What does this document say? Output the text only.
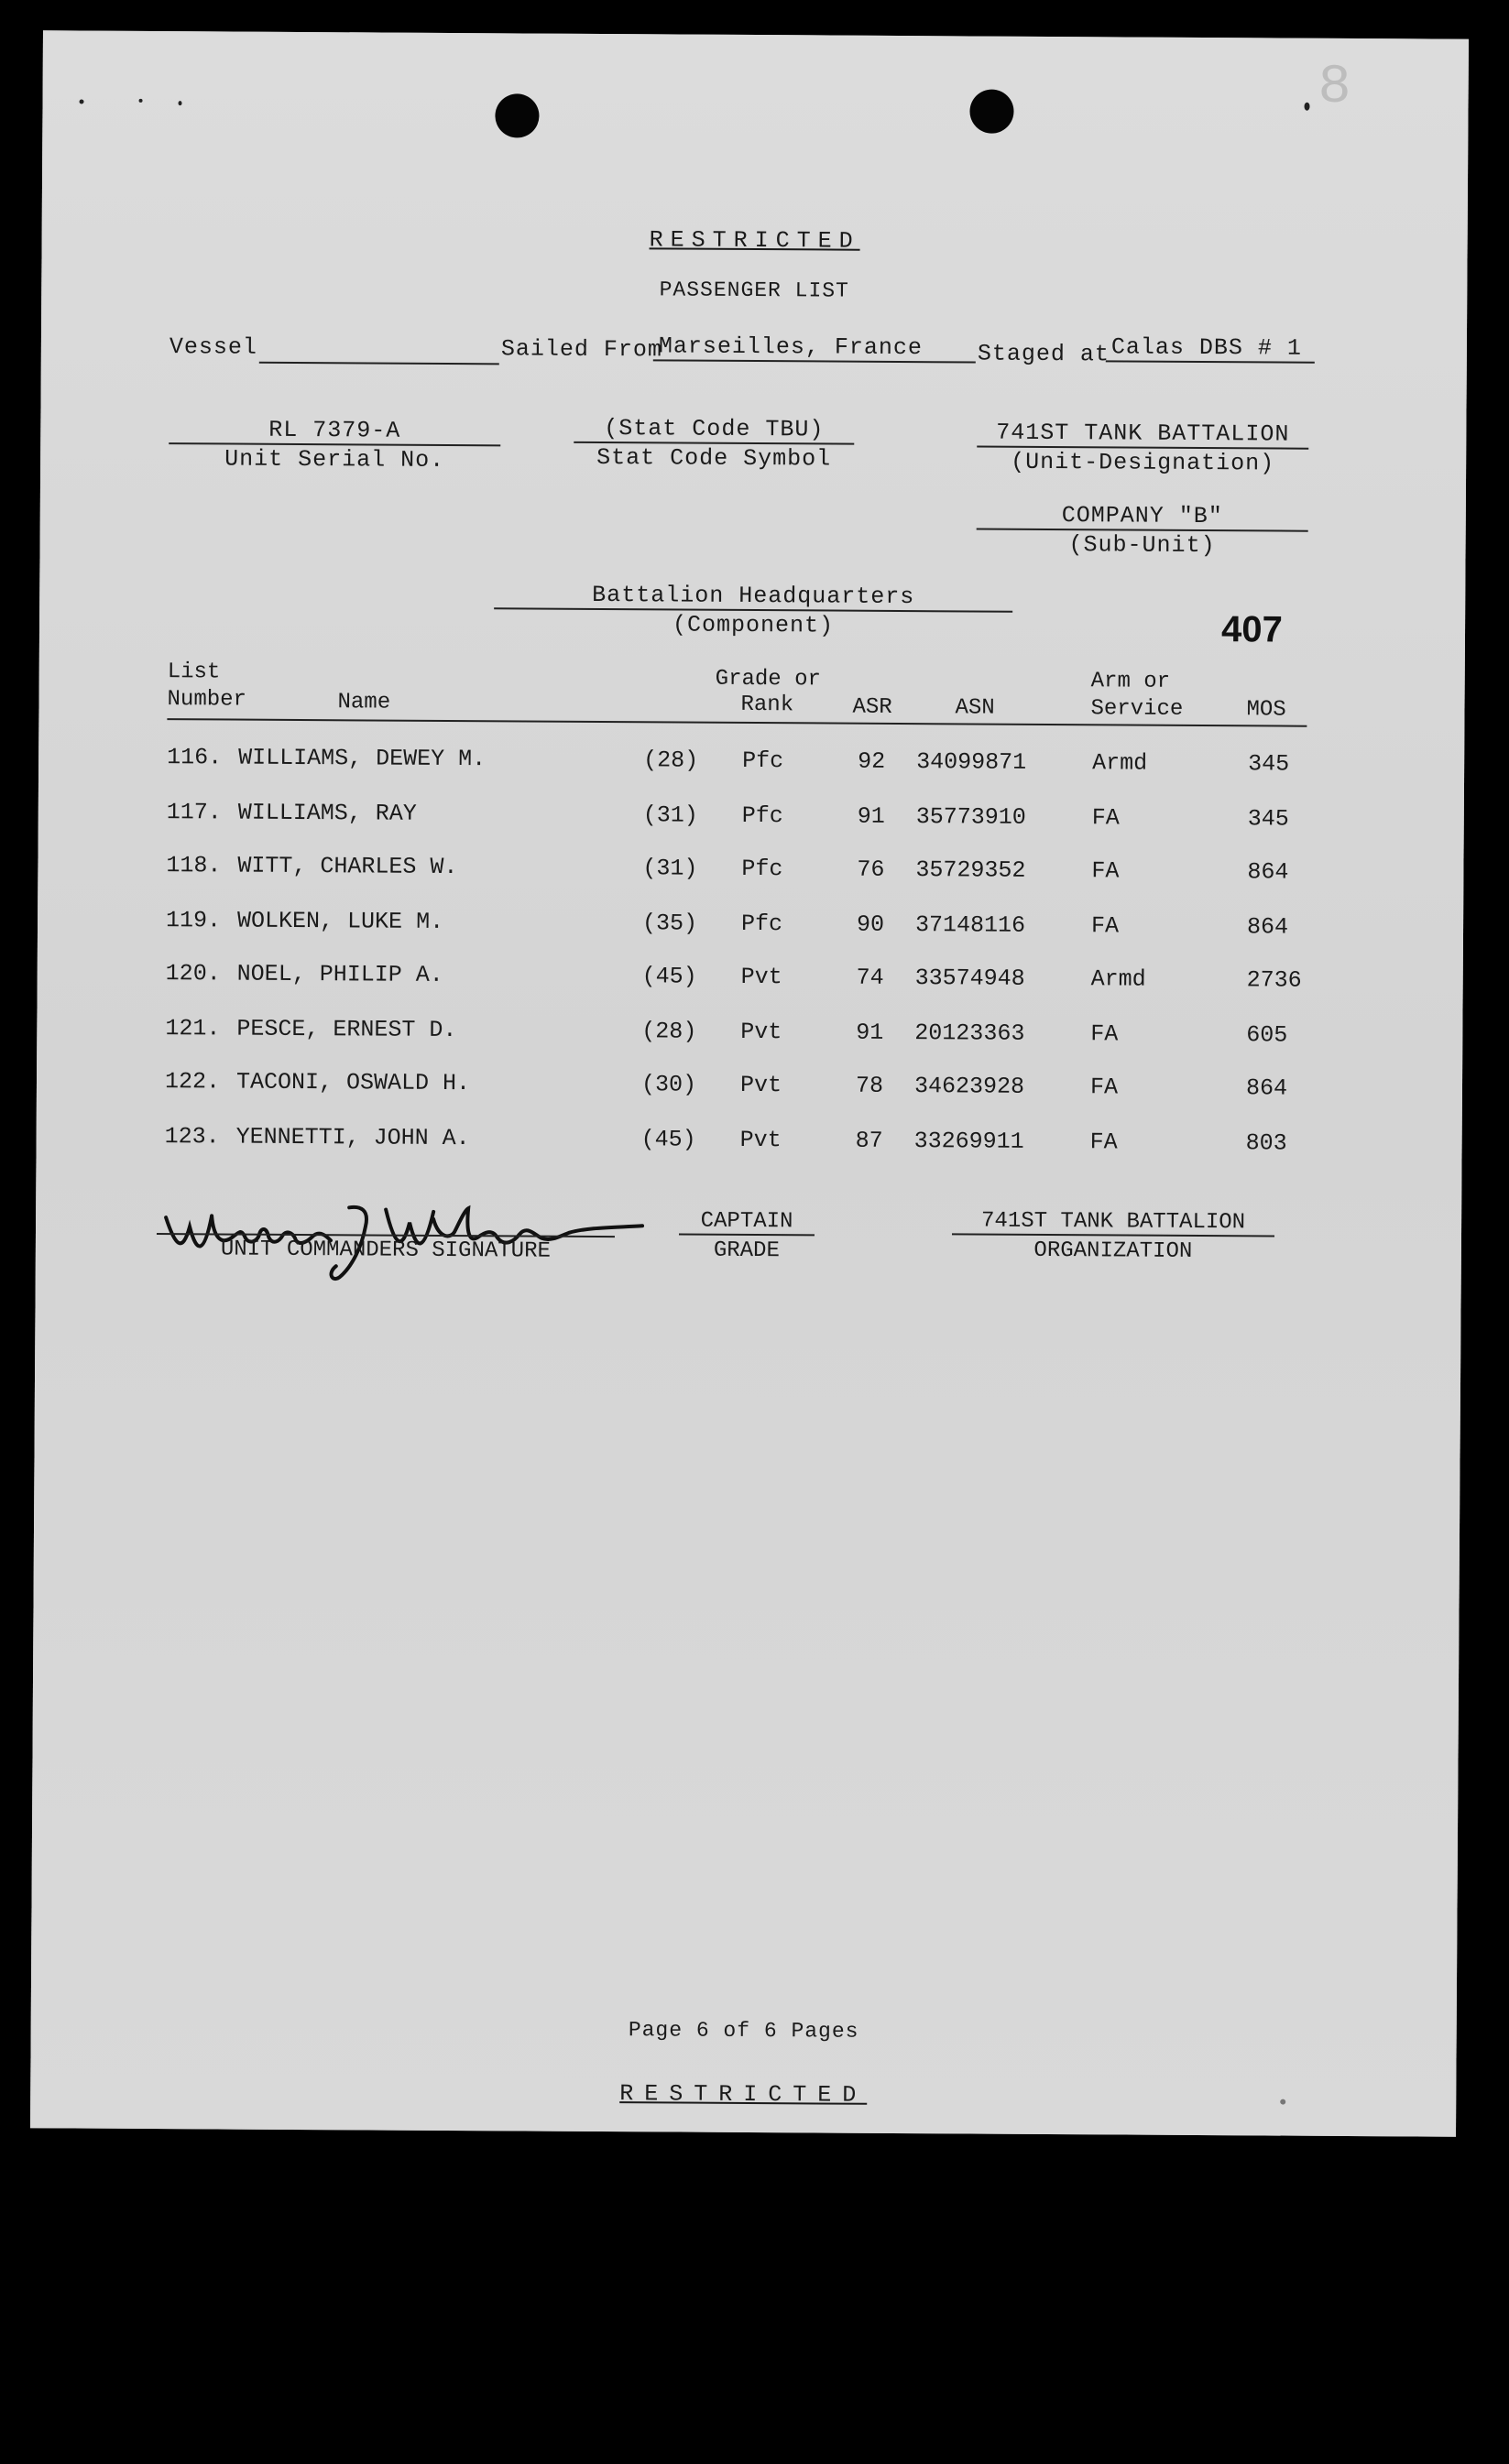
8
RESTRICTED
PASSENGER LIST
Vessel	Sailed From
Marseilles, France	Staged at Calas DBS # 1
RL 7379-A
Unit Serial No.
(Stat Code TBU)
Stat Code Symbol
741ST TANK BATTALION
(Unit-Designation)
COMPANY "B"
(Sub-Unit)
Battalion Headquarters
(Component)	407
List
Number	Name
Grade or
Rank	ASR	ASN
Arm or
Service	MOS
116. WILLIAMS, DEWEY M.	(28) Pfc	92 34099871	Armd	345
117. WILLIAMS, RAY	(31) Pfc	91 35773910	FA	345
118. WITT, CHARLES W.	(31) Pfc	76 35729352	FA	864
119. WOLKEN, LUKE M.	(35) Pfc	90 37148116	FA	864
120. NOEL, PHILIP A.	(45) Pvt	74 33574948	Armd	2736
121. PESCE, ERNEST D.	(28) Pvt	91 20123363	FA	605
122. TACONI, OSWALD H.	(30) Pvt	78 34623928	FA	864
123. YENNETTI, JOHN A.	(45) Pvt	87 33269911	FA	803
UNIT COMMANDERS SIGNATURE
CAPTAIN
GRADE
741ST TANK BATTALION
ORGANIZATION
Page 6 of 6 Pages
RESTRICTED
